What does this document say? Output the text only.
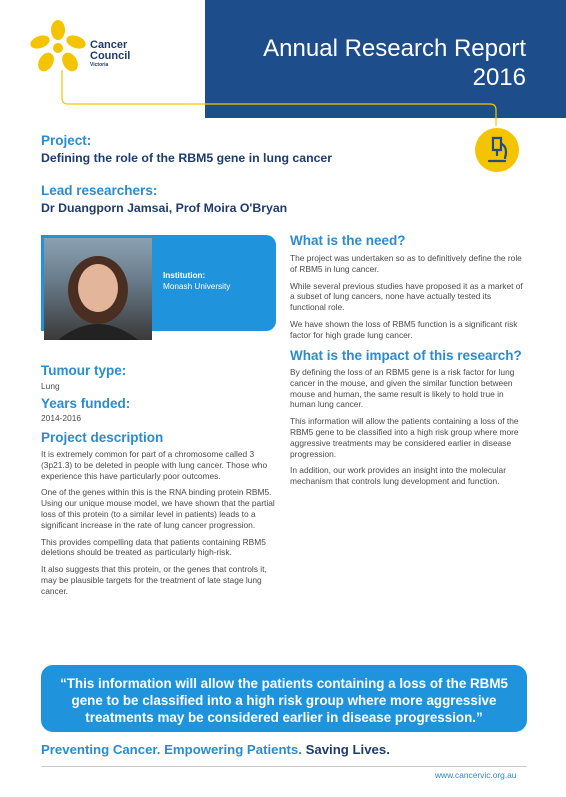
Annual Research Report
2016
Cancer
Council
Victoria
Project:
Defining the role of the RBM5 gene in lung cancer
Lead researchers:
Dr Duangporn Jamsai, Prof Moira O'Bryan
Institution:
Monash University
Tumour type:
Lung
Years funded:
2014-2016
Project description

It is extremely common for part of a chromosome called 3 (3p21.3) to be deleted in people with lung cancer. Those who experience this have particularly poor outcomes.

One of the genes within this is the RNA binding protein RBM5. Using our unique mouse model, we have shown that the partial loss of this protein (to a similar level in patients) leads to a significant increase in the rate of lung cancer progression.

This provides compelling data that patients containing RBM5 deletions should be treated as particularly high-risk.

It also suggests that this protein, or the genes that controls it, may be plausible targets for the treatment of late stage lung cancer.

What is the need?

The project was undertaken so as to definitively define the role of RBM5 in lung cancer.

While several previous studies have proposed it as a market of a subset of lung cancers, none have actually tested its functional role.

We have shown the loss of RBM5 function is a significant risk factor for high grade lung cancer.

What is the impact of this research?

By defining the loss of an RBM5 gene is a risk factor for lung cancer in the mouse, and given the similar function between mouse and human, the same result is likely to hold true in human lung cancer.

This information will allow the patients containing a loss of the RBM5 gene to be classified into a high risk group where more aggressive treatments may be considered earlier in disease progression.

In addition, our work provides an insight into the molecular mechanism that controls lung development and function.

“This information will allow the patients containing a loss of the RBM5
gene to be classified into a high risk group where more aggressive
treatments may be considered earlier in disease progression.”
Preventing Cancer. Empowering Patients. Saving Lives.
www.cancervic.org.au
